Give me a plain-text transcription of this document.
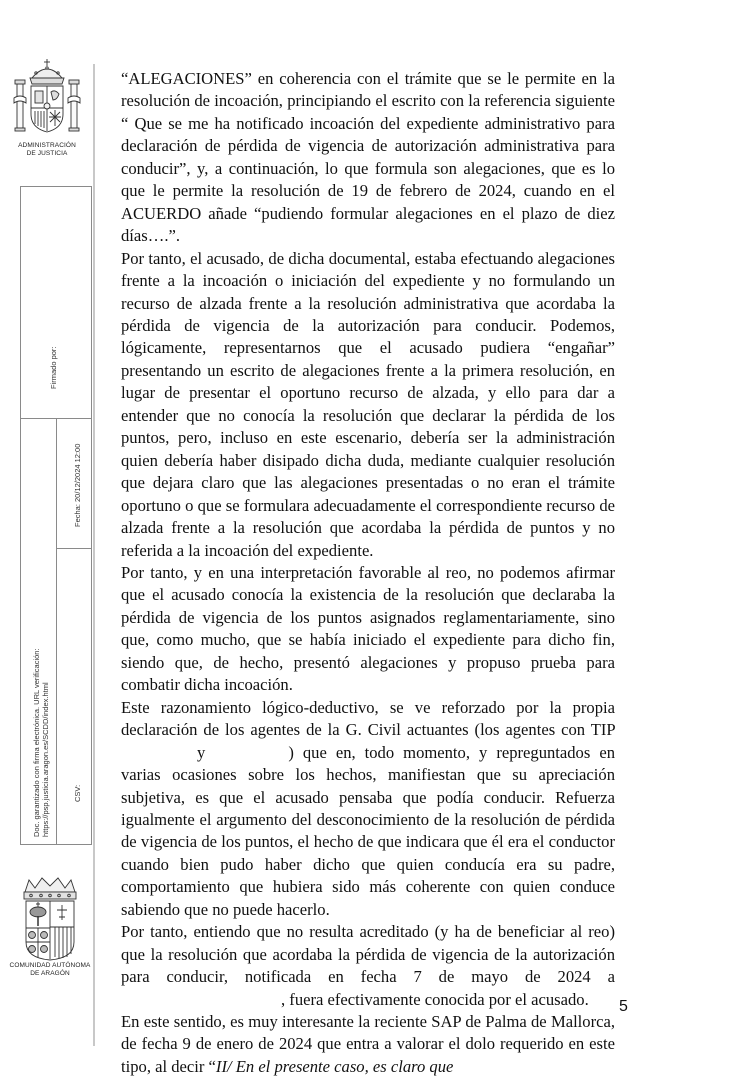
ADMINISTRACIÓN
DE JUSTICIA
Firmado por:
Fecha: 20/12/2024 12:00
Doc. garantizado con firma electrónica. URL verificación: https://psp.justicia.aragon.es/SCDD/index.html	CSV:
COMUNIDAD AUTÓNOMA
DE ARAGÓN

“ALEGACIONES” en coherencia con el trámite que se le permite en la resolución de incoación, principiando el escrito con la referencia siguiente “ Que se me ha notificado incoación del expediente administrativo para declaración de pérdida de vigencia de autorización administrativa para conducir”, y, a continuación, lo que formula son alegaciones, que es lo que le permite la resolución de 19 de febrero de 2024, cuando en el ACUERDO añade “pudiendo formular alegaciones en el plazo de diez días….”.

Por tanto, el acusado, de dicha documental, estaba efectuando alegaciones frente a la incoación o iniciación del expediente y no formulando un recurso de alzada frente a la resolución administrativa que acordaba la pérdida de vigencia de la autorización para conducir. Podemos, lógicamente, representarnos que el acusado pudiera “engañar” presentando un escrito de alegaciones frente a la primera resolución, en lugar de presentar el oportuno recurso de alzada, y ello para dar a entender que no conocía la resolución que declarar la pérdida de los puntos, pero, incluso en este escenario, debería ser la administración quien debería haber disipado dicha duda, mediante cualquier resolución que dejara claro que las alegaciones presentadas o no eran el trámite oportuno o que se formulara adecuadamente el correspondiente recurso de alzada frente a la resolución que acordaba la pérdida de puntos y no referida a la incoación del expediente.

Por tanto, y en una interpretación favorable al reo, no podemos afirmar que el acusado conocía la existencia de la resolución que declaraba la pérdida de vigencia de los puntos asignados reglamentariamente, sino que, como mucho, que se había iniciado el expediente para dicho fin, siendo que, de hecho, presentó alegaciones y propuso prueba para combatir dicha incoación.

Este razonamiento lógico-deductivo, se ve reforzado por la propia declaración de los agentes de la G. Civil actuantes (los agentes con TIP y	) que en, todo momento, y repreguntados en varias ocasiones sobre los hechos, manifiestan que su apreciación subjetiva, es que el acusado pensaba que podía conducir. Refuerza igualmente el argumento del desconocimiento de la resolución de pérdida de vigencia de los puntos, el hecho de que indicara que él era el conductor cuando bien pudo haber dicho que quien conducía era su padre, comportamiento que hubiera sido más coherente con quien conduce sabiendo que no puede hacerlo.

Por tanto, entiendo que no resulta acreditado (y ha de beneficiar al reo) que la resolución que acordaba la pérdida de vigencia de la autorización para conducir, notificada en fecha 7 de mayo de 2024 a , fuera efectivamente conocida por el acusado.

En este sentido, es muy interesante la reciente SAP de Palma de Mallorca, de fecha 9 de enero de 2024 que entra a valorar el dolo requerido en este tipo, al decir “II/ En el presente caso, es claro que

5
